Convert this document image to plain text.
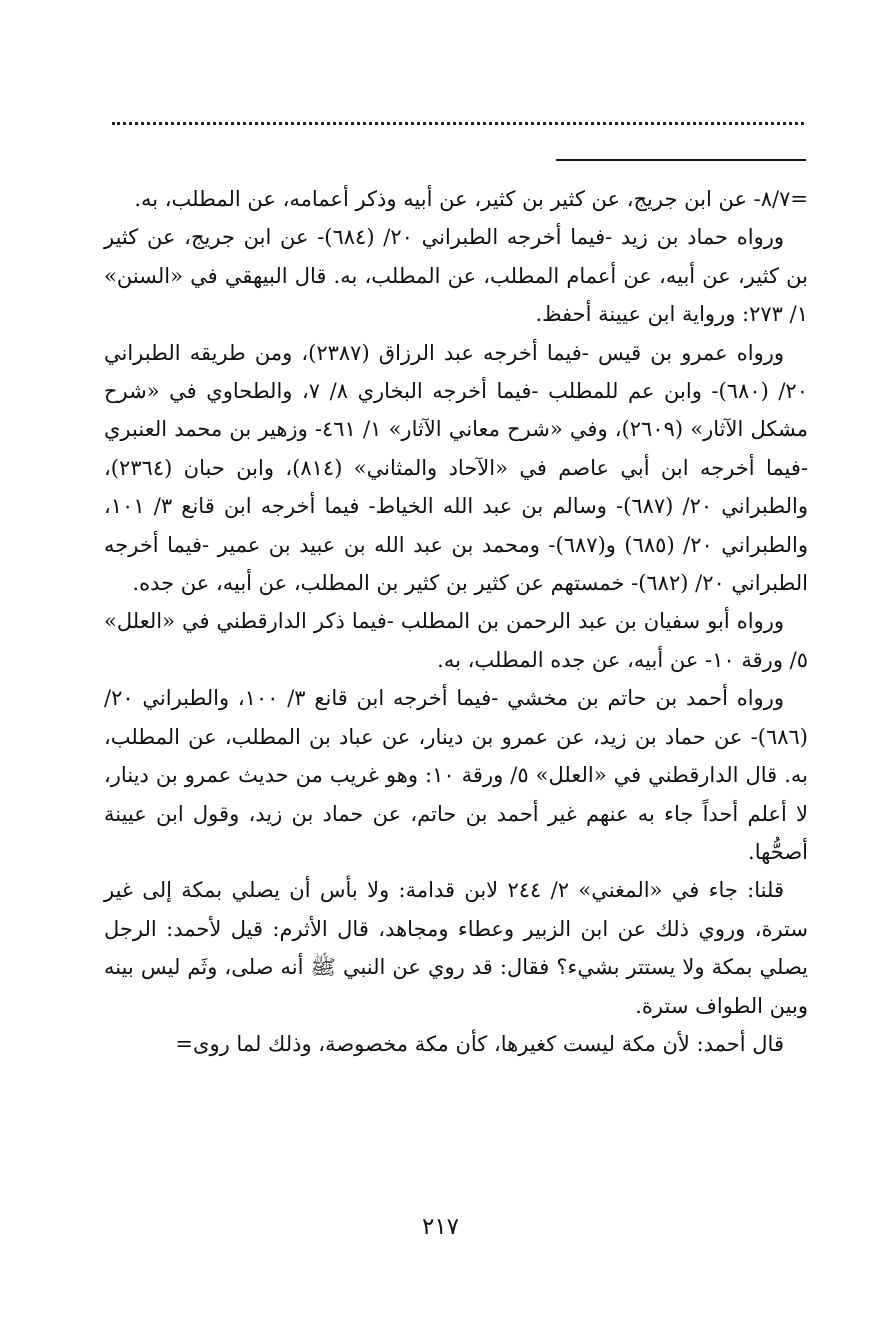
=٨/٧- عن ابن جريج، عن كثير بن كثير، عن أبيه وذكر أعمامه، عن المطلب، به.

ورواه حماد بن زيد -فيما أخرجه الطبراني ٢٠/ (٦٨٤)- عن ابن جريج، عن كثير بن كثير، عن أبيه، عن أعمام المطلب، عن المطلب، به. قال البيهقي في «السنن» ١/ ٢٧٣: ورواية ابن عيينة أحفظ.

ورواه عمرو بن قيس -فيما أخرجه عبد الرزاق (٢٣٨٧)، ومن طريقه الطبراني ٢٠/ (٦٨٠)- وابن عم للمطلب -فيما أخرجه البخاري ٨/ ٧، والطحاوي في «شرح مشكل الآثار» (٢٦٠٩)، وفي «شرح معاني الآثار» ١/ ٤٦١- وزهير بن محمد العنبري -فيما أخرجه ابن أبي عاصم في «الآحاد والمثاني» (٨١٤)، وابن حبان (٢٣٦٤)، والطبراني ٢٠/ (٦٨٧)- وسالم بن عبد الله الخياط- فيما أخرجه ابن قانع ٣/ ١٠١، والطبراني ٢٠/ (٦٨٥) و(٦٨٧)- ومحمد بن عبد الله بن عبيد بن عمير -فيما أخرجه الطبراني ٢٠/ (٦٨٢)- خمستهم عن كثير بن كثير بن المطلب، عن أبيه، عن جده.

ورواه أبو سفيان بن عبد الرحمن بن المطلب -فيما ذكر الدارقطني في «العلل» ٥/ ورقة ١٠- عن أبيه، عن جده المطلب، به.

ورواه أحمد بن حاتم بن مخشي -فيما أخرجه ابن قانع ٣/ ١٠٠، والطبراني ٢٠/ (٦٨٦)- عن حماد بن زيد، عن عمرو بن دينار، عن عباد بن المطلب، عن المطلب، به. قال الدارقطني في «العلل» ٥/ ورقة ١٠: وهو غريب من حديث عمرو بن دينار، لا أعلم أحداً جاء به عنهم غير أحمد بن حاتم، عن حماد بن زيد، وقول ابن عيينة أصحُّها.

قلنا: جاء في «المغني» ٢/ ٢٤٤ لابن قدامة: ولا بأس أن يصلي بمكة إلى غير سترة، وروي ذلك عن ابن الزبير وعطاء ومجاهد، قال الأثرم: قيل لأحمد: الرجل يصلي بمكة ولا يستتر بشيء؟ فقال: قد روي عن النبي ﷺ أنه صلى، وثَم ليس بينه وبين الطواف سترة.

قال أحمد: لأن مكة ليست كغيرها، كأن مكة مخصوصة، وذلك لما روى=

٢١٧
